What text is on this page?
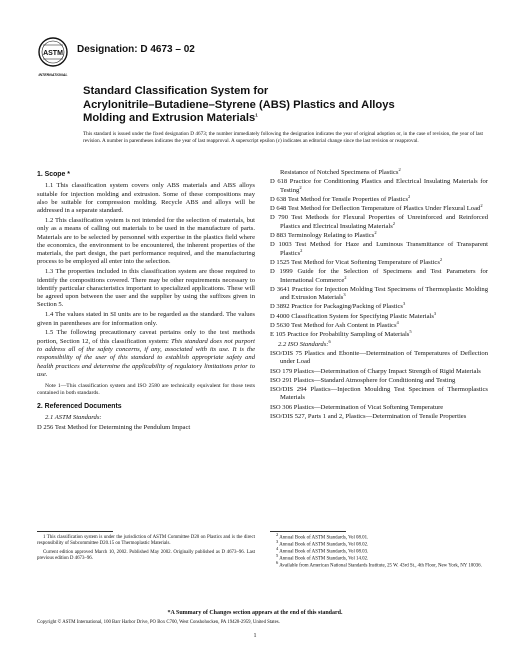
ASTM
INTERNATIONAL
Designation: D 4673 – 02
Standard Classification System for
Acrylonitrile–Butadiene–Styrene (ABS) Plastics and Alloys
Molding and Extrusion Materials$^1$
This standard is issued under the fixed designation D 4673; the number immediately following the designation indicates the year of original adoption or, in the case of revision, the year of last revision. A number in parentheses indicates the year of last reapproval. A superscript epsilon (ε) indicates an editorial change since the last revision or reapproval.
1. Scope *
1.1 This classification system covers only ABS materials and ABS alloys suitable for injection molding and extrusion. Some of these compositions may also be suitable for compression molding. Recycle ABS and alloys will be addressed in a separate standard.
1.2 This classification system is not intended for the selection of materials, but only as a means of calling out materials to be used in the manufacture of parts. Materials are to be selected by personnel with expertise in the plastics field where the economics, the environment to be encountered, the inherent properties of the materials, the part design, the part performance required, and the manufacturing process to be employed all enter into the selection.
1.3 The properties included in this classification system are those required to identify the compositions covered. There may be other requirements necessary to identify particular characteristics important to specialized applications. These will be agreed upon between the user and the supplier by using the suffixes given in Section 5.
1.4 The values stated in SI units are to be regarded as the standard. The values given in parentheses are for information only.
1.5 The following precautionary caveat pertains only to the test methods portion, Section 12, of this classification system: This standard does not purport to address all of the safety concerns, if any, associated with its use. It is the responsibility of the user of this standard to establish appropriate safety and health practices and determine the applicability of regulatory limitations prior to use.
Note 1—This classification system and ISO 2580 are technically equivalent for those tests contained in both standards.
2. Referenced Documents
2.1 ASTM Standards:
D 256 Test Method for Determining the Pendulum Impact
Resistance of Notched Specimens of Plastics$^2$
D 618 Practice for Conditioning Plastics and Electrical Insulating Materials for Testing$^2$
D 638 Test Method for Tensile Properties of Plastics$^2$
D 648 Test Method for Deflection Temperature of Plastics Under Flexural Load$^2$
D 790 Test Methods for Flexural Properties of Unreinforced and Reinforced Plastics and Electrical Insulating Materials$^2$
D 883 Terminology Relating to Plastics$^2$
D 1003 Test Method for Haze and Luminous Transmittance of Transparent Plastics$^2$
D 1525 Test Method for Vicat Softening Temperature of Plastics$^2$
D 1999 Guide for the Selection of Specimens and Test Parameters for International Commerce$^2$
D 3641 Practice for Injection Molding Test Specimens of Thermoplastic Molding and Extrusion Materials$^3$
D 3892 Practice for Packaging/Packing of Plastics$^3$
D 4000 Classification System for Specifying Plastic Materials$^3$
D 5630 Test Method for Ash Content in Plastics$^4$
E 105 Practice for Probability Sampling of Materials$^5$
2.2 ISO Standards:$^6$
ISO/DIS 75 Plastics and Ebonite—Determination of Temperatures of Deflection under Load
ISO 179 Plastics—Determination of Charpy Impact Strength of Rigid Materials
ISO 291 Plastics—Standard Atmosphere for Conditioning and Testing
ISO/DIS 294 Plastics—Injection Moulding Test Specimen of Thermoplastics Materials
ISO 306 Plastics—Determination of Vicat Softening Temperature
ISO/DIS 527, Parts 1 and 2, Plastics—Determination of Tensile Properties
1 This classification system is under the jurisdiction of ASTM Committee D20 on Plastics and is the direct responsibility of Subcommittee D20.15 on Thermoplastic Materials.
Current edition approved March 10, 2002. Published May 2002. Originally published as D 4673–96. Last previous edition D 4673–96.
$^2$ Annual Book of ASTM Standards, Vol 08.01.
$^3$ Annual Book of ASTM Standards, Vol 08.02.
$^4$ Annual Book of ASTM Standards, Vol 08.03.
$^5$ Annual Book of ASTM Standards, Vol 14.02.
$^6$ Available from American National Standards Institute, 25 W. 43rd St., 4th Floor, New York, NY 10036.
*A Summary of Changes section appears at the end of this standard.
Copyright © ASTM International, 100 Barr Harbor Drive, PO Box C700, West Conshohocken, PA 19428-2959, United States.
1
